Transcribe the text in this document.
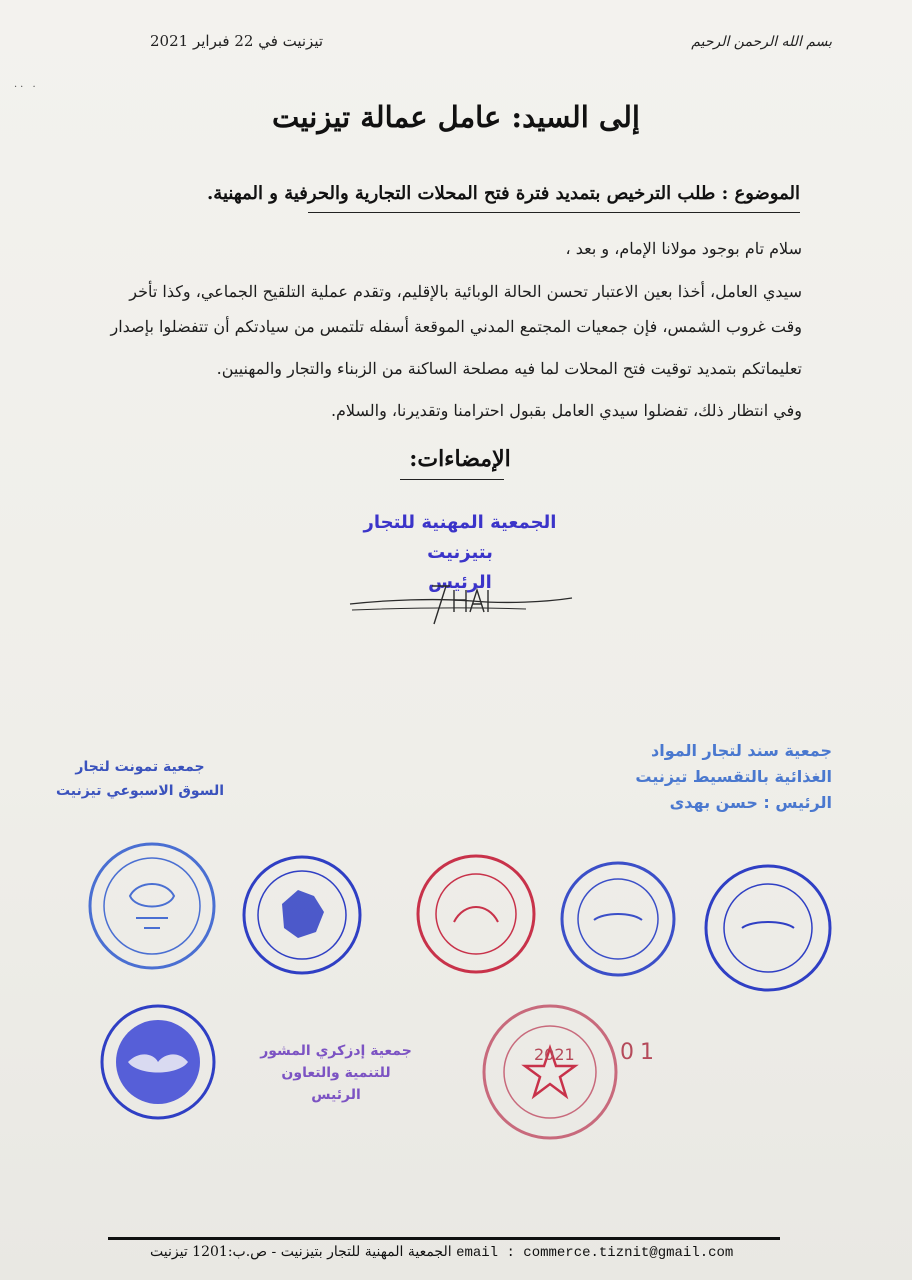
بسم الله الرحمن الرحيم
تيزنيت في 22 فبراير 2021
·· ·
إلى السيد: عامل عمالة تيزنيت
الموضوع : طلب الترخيص بتمديد فترة فتح المحلات التجارية والحرفية و المهنية.
سلام تام بوجود مولانا الإمام، و بعد ،
سيدي العامل، أخذا بعين الاعتبار تحسن الحالة الوبائية بالإقليم، وتقدم عملية التلقيح الجماعي، وكذا تأخر
وقت غروب الشمس، فإن جمعيات المجتمع المدني الموقعة أسفله تلتمس من سيادتكم أن تتفضلوا بإصدار
تعليماتكم بتمديد توقيت فتح المحلات لما فيه مصلحة الساكنة من الزبناء والتجار والمهنيين.
وفي انتظار ذلك، تفضلوا سيدي العامل بقبول احترامنا وتقديرنا، والسلام.
الإمضاءات:
الجمعية المهنية للتجار
بتيزنيت
الرئيس
جمعية سند لتجار المواد
الغذائية بالتقسيط تيزنيت
الرئيس : حسن بهدى
جمعية تمونت لتجار
السوق الاسبوعي تيزنيت
جمعية إدزكري المشور
للتنمية والتعاون
الرئيس
2021 01
الجمعية المهنية للتجار بتيزنيت - ص.ب:1201 تيزنيت email : commerce.tiznit@gmail.com
